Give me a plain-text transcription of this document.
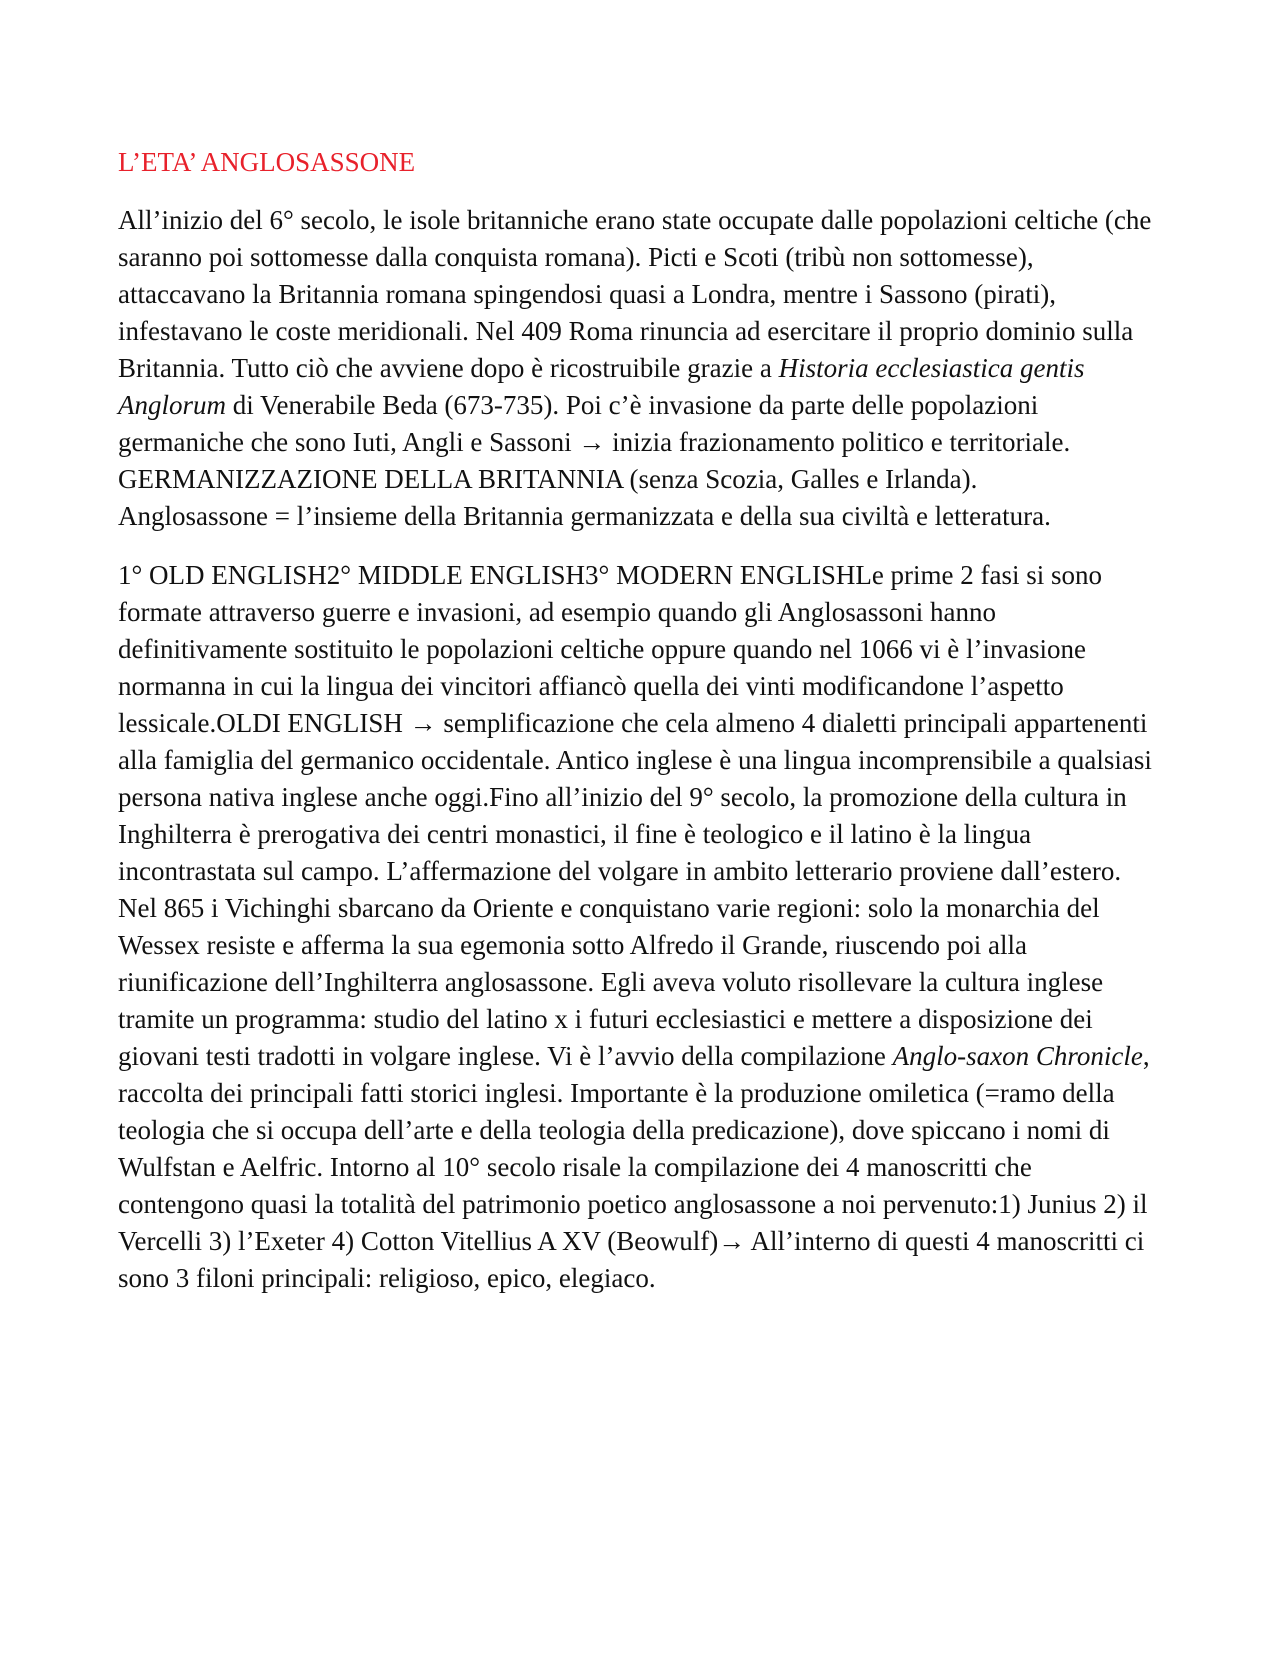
L’ETA’ ANGLOSASSONE

All’inizio del 6° secolo, le isole britanniche erano state occupate dalle popolazioni celtiche (che saranno poi sottomesse dalla conquista romana). Picti e Scoti (tribù non sottomesse), attaccavano la Britannia romana spingendosi quasi a Londra, mentre i Sassono (pirati), infestavano le coste meridionali. Nel 409 Roma rinuncia ad esercitare il proprio dominio sulla Britannia. Tutto ciò che avviene dopo è ricostruibile grazie a Historia ecclesiastica gentis Anglorum di Venerabile Beda (673-735). Poi c’è invasione da parte delle popolazioni germaniche che sono Iuti, Angli e Sassoni → inizia frazionamento politico e territoriale.
GERMANIZZAZIONE DELLA BRITANNIA (senza Scozia, Galles e Irlanda).
Anglosassone = l’insieme della Britannia germanizzata e della sua civiltà e letteratura.

1° OLD ENGLISH2° MIDDLE ENGLISH3° MODERN ENGLISHLe prime 2 fasi si sono formate attraverso guerre e invasioni, ad esempio quando gli Anglosassoni hanno definitivamente sostituito le popolazioni celtiche oppure quando nel 1066 vi è l’invasione normanna in cui la lingua dei vincitori affiancò quella dei vinti modificandone l’aspetto lessicale.OLDI ENGLISH → semplificazione che cela almeno 4 dialetti principali appartenenti alla famiglia del germanico occidentale. Antico inglese è una lingua incomprensibile a qualsiasi persona nativa inglese anche oggi.Fino all’inizio del 9° secolo, la promozione della cultura in Inghilterra è prerogativa dei centri monastici, il fine è teologico e il latino è la lingua incontrastata sul campo. L’affermazione del volgare in ambito letterario proviene dall’estero. Nel 865 i Vichinghi sbarcano da Oriente e conquistano varie regioni: solo la monarchia del Wessex resiste e afferma la sua egemonia sotto Alfredo il Grande, riuscendo poi alla riunificazione dell’Inghilterra anglosassone. Egli aveva voluto risollevare la cultura inglese tramite un programma: studio del latino x i futuri ecclesiastici e mettere a disposizione dei giovani testi tradotti in volgare inglese. Vi è l’avvio della compilazione Anglo-saxon Chronicle, raccolta dei principali fatti storici inglesi. Importante è la produzione omiletica (=ramo della teologia che si occupa dell’arte e della teologia della predicazione), dove spiccano i nomi di Wulfstan e Aelfric. Intorno al 10° secolo risale la compilazione dei 4 manoscritti che contengono quasi la totalità del patrimonio poetico anglosassone a noi pervenuto:1) Junius 2) il Vercelli 3) l’Exeter 4) Cotton Vitellius A XV (Beowulf)→ All’interno di questi 4 manoscritti ci sono 3 filoni principali: religioso, epico, elegiaco.
